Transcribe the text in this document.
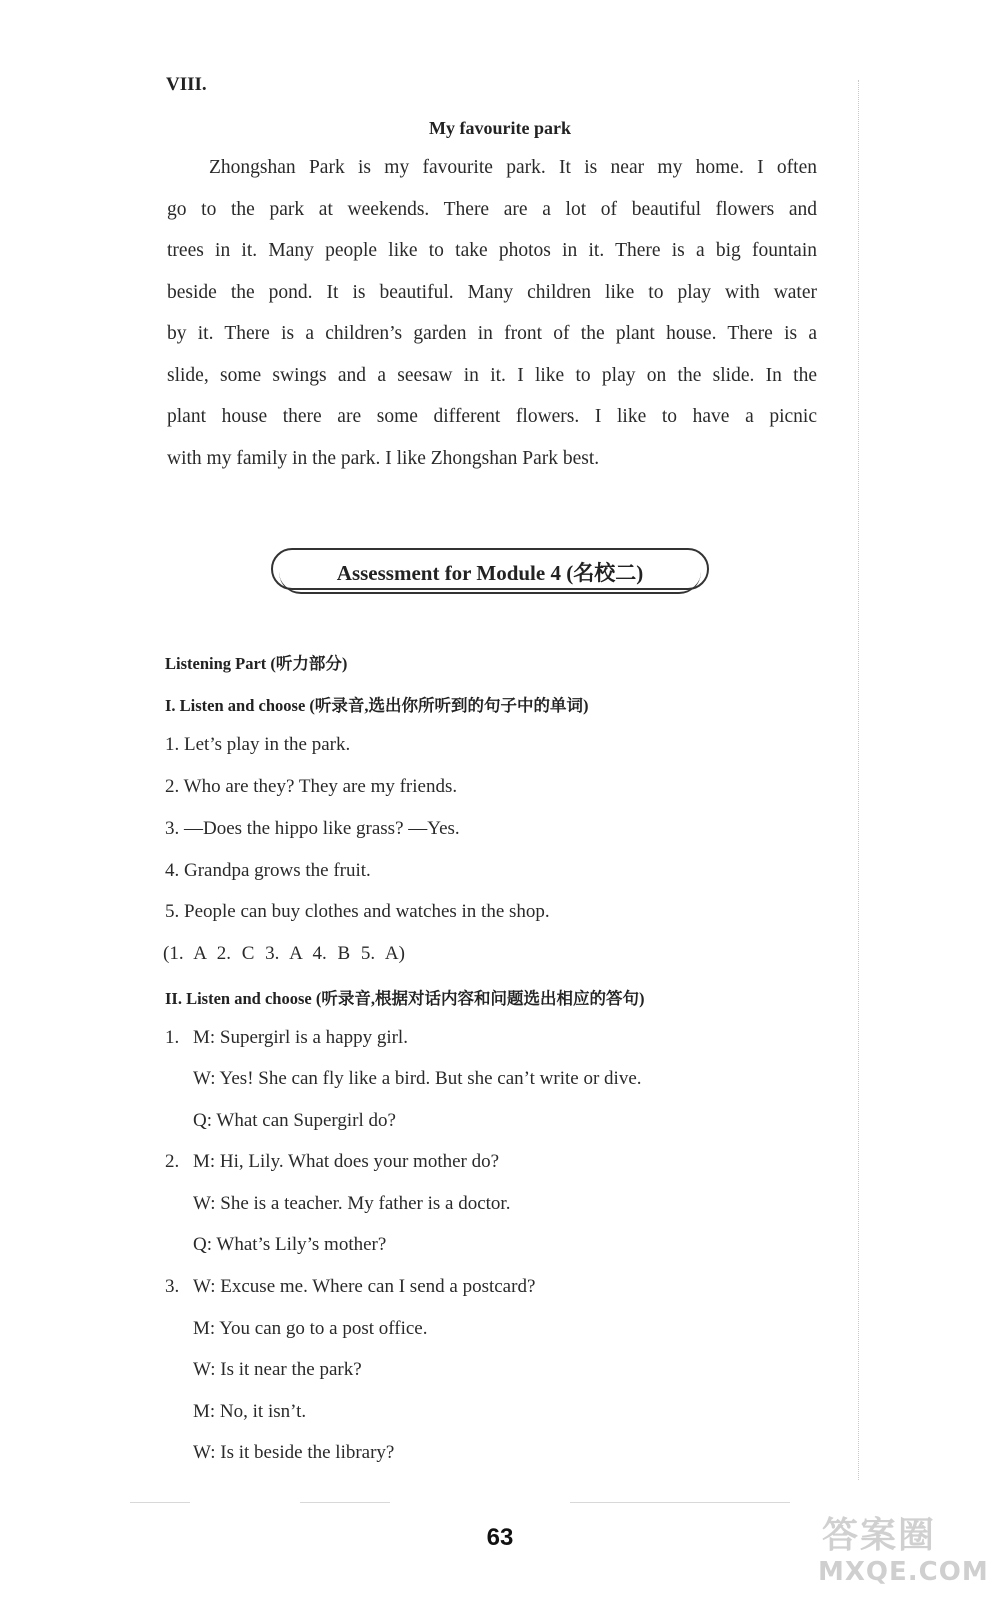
VIII.
My favourite park
Zhongshan Park is my favourite park. It is near my home. I often
go to the park at weekends. There are a lot of beautiful flowers and
trees in it. Many people like to take photos in it. There is a big fountain
beside the pond. It is beautiful. Many children like to play with water
by it. There is a children’s garden in front of the plant house. There is a
slide, some swings and a seesaw in it. I like to play on the slide. In the
plant house there are some different flowers. I like to have a picnic
with my family in the park. I like Zhongshan Park best.
Assessment for Module 4 (名校二)
Listening Part (听力部分)
I. Listen and choose (听录音,选出你所听到的句子中的单词)
1. Let’s play in the park.
2. Who are they? They are my friends.
3. —Does the hippo like grass? —Yes.
4. Grandpa grows the fruit.
5. People can buy clothes and watches in the shop.
(1. A 2. C 3. A 4. B 5. A)
II. Listen and choose (听录音,根据对话内容和问题选出相应的答句)
1. M: Supergirl is a happy girl.
W: Yes! She can fly like a bird. But she can’t write or dive.
Q: What can Supergirl do?
2. M: Hi, Lily. What does your mother do?
W: She is a teacher. My father is a doctor.
Q: What’s Lily’s mother?
3. W: Excuse me. Where can I send a postcard?
M: You can go to a post office.
W: Is it near the park?
M: No, it isn’t.
W: Is it beside the library?
63	答案圈
MXQE.COM
